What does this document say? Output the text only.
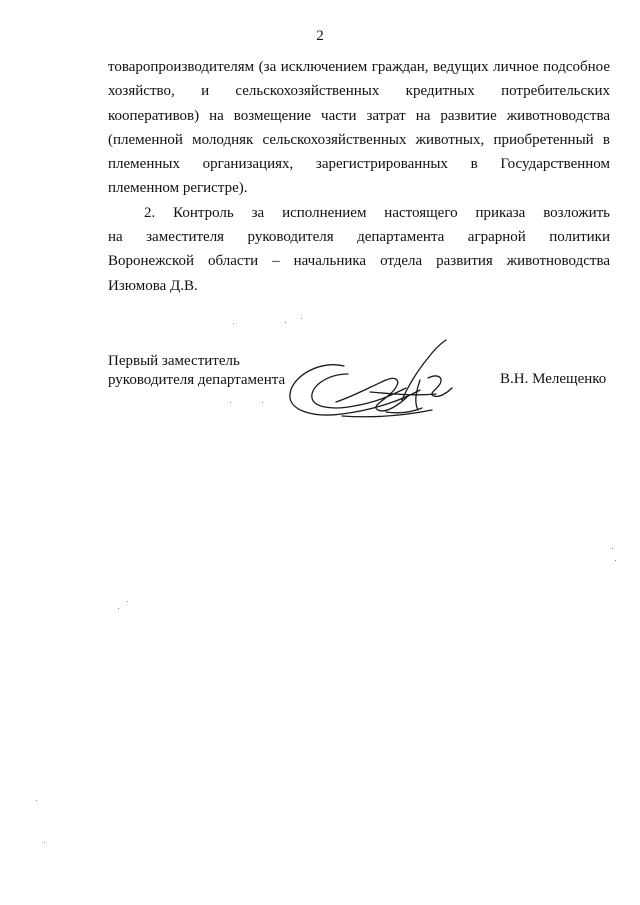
2
товаропроизводителям (за исключением граждан, ведущих личное подсобное
хозяйство, и сельскохозяйственных кредитных потребительских
кооперативов) на возмещение части затрат на развитие животноводства
(племенной молодняк сельскохозяйственных животных, приобретенный в
племенных организациях, зарегистрированных в Государственном
племенном регистре).
2. Контроль за исполнением настоящего приказа возложить
на заместителя руководителя департамента аграрной политики
Воронежской области – начальника отдела развития животноводства
Изюмова Д.В.
Первый заместитель
руководителя департамента	В.Н. Мелещенко
